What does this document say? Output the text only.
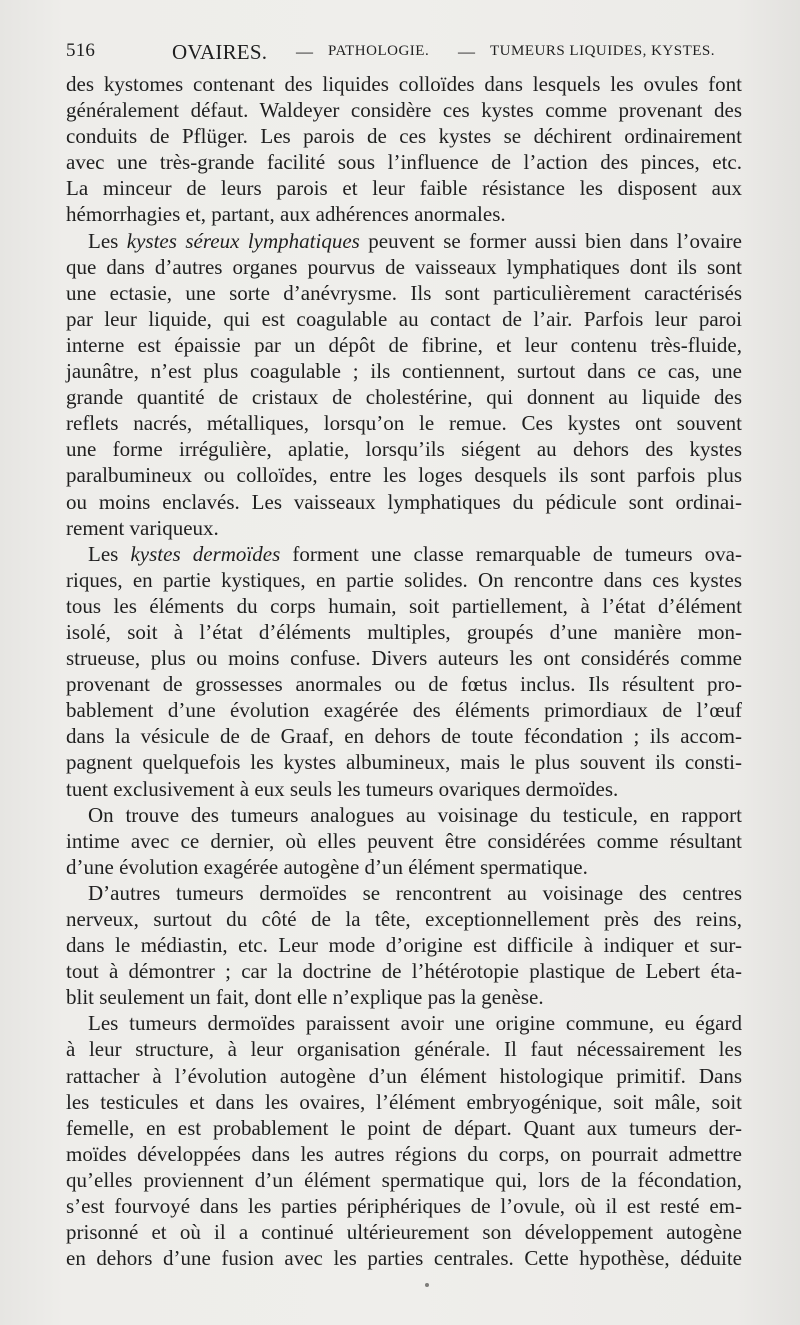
516	OVAIRES. — PATHOLOGIE. — TUMEURS LIQUIDES, KYSTES.
des kystomes contenant des liquides colloïdes dans lesquels les ovules font
généralement défaut. Waldeyer considère ces kystes comme provenant des
conduits de Pflüger. Les parois de ces kystes se déchirent ordinairement
avec une très-grande facilité sous l’influence de l’action des pinces, etc.
La minceur de leurs parois et leur faible résistance les disposent aux
hémorrhagies et, partant, aux adhérences anormales.
Les kystes séreux lymphatiques peuvent se former aussi bien dans l’ovaire
que dans d’autres organes pourvus de vaisseaux lymphatiques dont ils sont
une ectasie, une sorte d’anévrysme. Ils sont particulièrement caractérisés
par leur liquide, qui est coagulable au contact de l’air. Parfois leur paroi
interne est épaissie par un dépôt de fibrine, et leur contenu très-fluide,
jaunâtre, n’est plus coagulable ; ils contiennent, surtout dans ce cas, une
grande quantité de cristaux de cholestérine, qui donnent au liquide des
reflets nacrés, métalliques, lorsqu’on le remue. Ces kystes ont souvent
une forme irrégulière, aplatie, lorsqu’ils siégent au dehors des kystes
paralbumineux ou colloïdes, entre les loges desquels ils sont parfois plus
ou moins enclavés. Les vaisseaux lymphatiques du pédicule sont ordinai-
rement variqueux.
Les kystes dermoïdes forment une classe remarquable de tumeurs ova-
riques, en partie kystiques, en partie solides. On rencontre dans ces kystes
tous les éléments du corps humain, soit partiellement, à l’état d’élément
isolé, soit à l’état d’éléments multiples, groupés d’une manière mon-
strueuse, plus ou moins confuse. Divers auteurs les ont considérés comme
provenant de grossesses anormales ou de fœtus inclus. Ils résultent pro-
bablement d’une évolution exagérée des éléments primordiaux de l’œuf
dans la vésicule de de Graaf, en dehors de toute fécondation ; ils accom-
pagnent quelquefois les kystes albumineux, mais le plus souvent ils consti-
tuent exclusivement à eux seuls les tumeurs ovariques dermoïdes.
On trouve des tumeurs analogues au voisinage du testicule, en rapport
intime avec ce dernier, où elles peuvent être considérées comme résultant
d’une évolution exagérée autogène d’un élément spermatique.
D’autres tumeurs dermoïdes se rencontrent au voisinage des centres
nerveux, surtout du côté de la tête, exceptionnellement près des reins,
dans le médiastin, etc. Leur mode d’origine est difficile à indiquer et sur-
tout à démontrer ; car la doctrine de l’hétérotopie plastique de Lebert éta-
blit seulement un fait, dont elle n’explique pas la genèse.
Les tumeurs dermoïdes paraissent avoir une origine commune, eu égard
à leur structure, à leur organisation générale. Il faut nécessairement les
rattacher à l’évolution autogène d’un élément histologique primitif. Dans
les testicules et dans les ovaires, l’élément embryogénique, soit mâle, soit
femelle, en est probablement le point de départ. Quant aux tumeurs der-
moïdes développées dans les autres régions du corps, on pourrait admettre
qu’elles proviennent d’un élément spermatique qui, lors de la fécondation,
s’est fourvoyé dans les parties périphériques de l’ovule, où il est resté em-
prisonné et où il a continué ultérieurement son développement autogène
en dehors d’une fusion avec les parties centrales. Cette hypothèse, déduite
